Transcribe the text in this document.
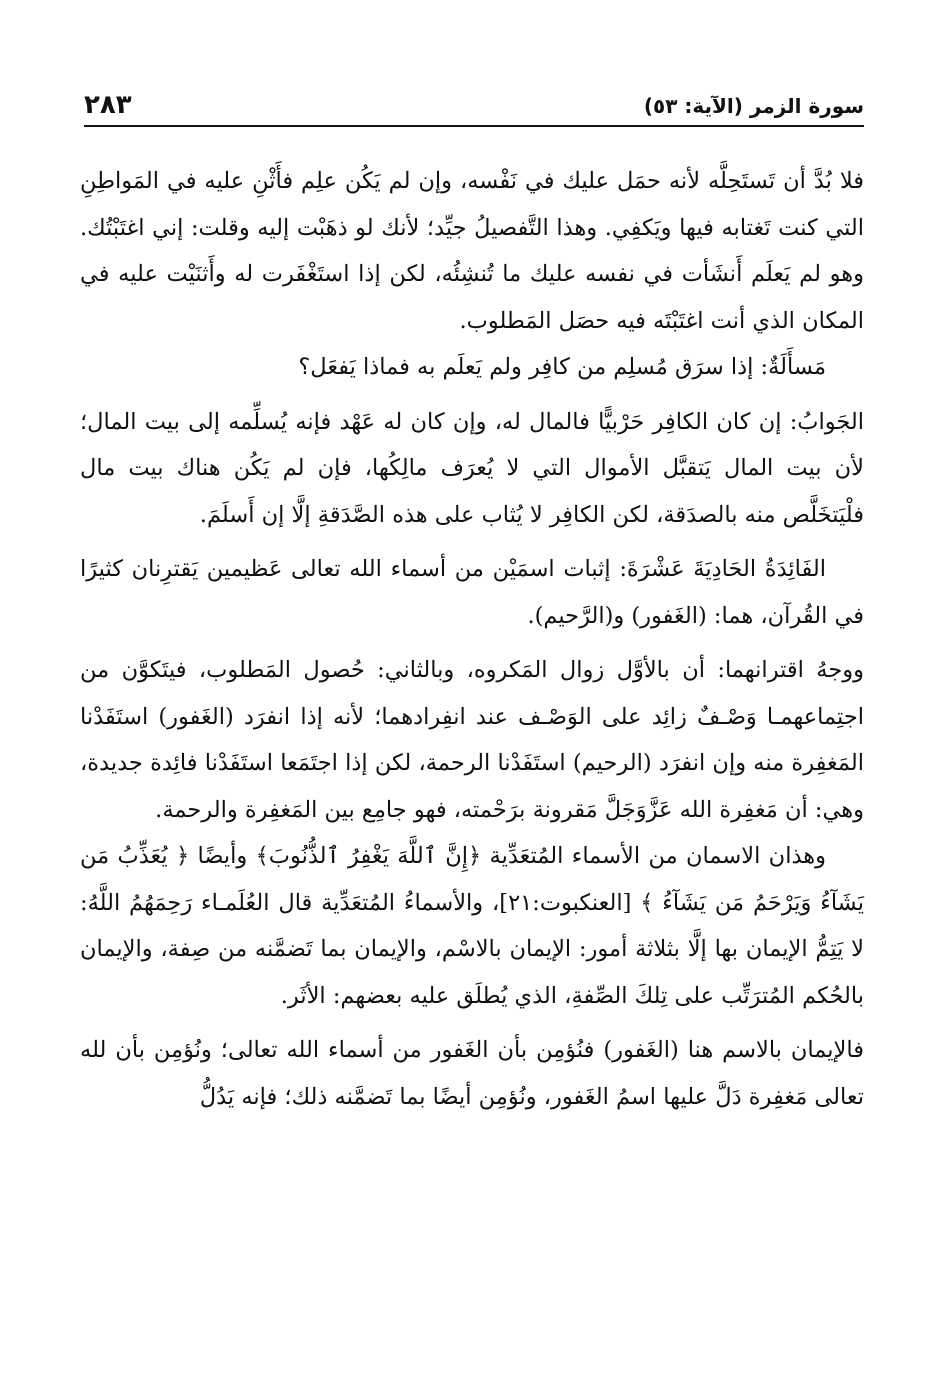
سورة الزمر (الآية: ٥٣)
٢٨٣

فلا بُدَّ أن تَستَحِلَّه لأنه حمَل عليك في نَفْسه، وإن لم يَكُن علِم فأَثْنِ عليه في المَواطِنِ التي كنت تَغتابه فيها ويَكفِي. وهذا التَّفصيلُ جيِّد؛ لأنك لو ذهَبْت إليه وقلت: إني اغتَبْتُك. وهو لم يَعلَم أَنشَأت في نفسه عليك ما تُنشِئُه، لكن إذا استَغْفَرت له وأَثنَيْت عليه في المكان الذي أنت اغتَبْتَه فيه حصَل المَطلوب.

مَسأَلَةٌ: إذا سرَق مُسلِم من كافِر ولم يَعلَم به فماذا يَفعَل؟

الجَوابُ: إن كان الكافِر حَرْبيًّا فالمال له، وإن كان له عَهْد فإنه يُسلِّمه إلى بيت المال؛ لأن بيت المال يَتقبَّل الأموال التي لا يُعرَف مالِكُها، فإن لم يَكُن هناك بيت مال فلْيَتخَلَّص منه بالصدَقة، لكن الكافِر لا يُثاب على هذه الصَّدَقةِ إلَّا إن أَسلَمَ.

الفَائِدَةُ الحَادِيَةَ عَشْرَةَ: إثبات اسمَيْن من أسماء الله تعالى عَظيمين يَقترِنان كثيرًا في القُرآن، هما: (الغَفور) و(الرَّحيم).

ووجهُ اقترانهما: أن بالأوَّل زوال المَكروه، وبالثاني: حُصول المَطلوب، فيتَكوَّن من اجتِماعهمـا وَصْـفٌ زائِد على الوَصْـف عند انفِرادهما؛ لأنه إذا انفرَد (الغَفور) استَفَدْنا المَغفِرة منه وإن انفرَد (الرحيم) استَفَدْنا الرحمة، لكن إذا اجتَمَعا استَفَدْنا فائِدة جديدة، وهي: أن مَغفِرة الله عَزَّوَجَلَّ مَقرونة برَحْمته، فهو جامِع بين المَغفِرة والرحمة.

وهذان الاسمان من الأسماء المُتعَدِّية ﴿إِنَّ ٱللَّهَ يَغْفِرُ ٱلذُّنُوبَ﴾ وأيضًا ﴿ يُعَذِّبُ مَن يَشَآءُ وَيَرْحَمُ مَن يَشَآءُ ﴾ [العنكبوت:٢١]، والأسماءُ المُتعَدِّية قال العُلَمـاء رَحِمَهُمُ اللَّهُ: لا يَتِمُّ الإيمان بها إلَّا بثلاثة أمور: الإيمان بالاسْم، والإيمان بما تَضمَّنه من صِفة، والإيمان بالحُكم المُترَتِّب على تِلكَ الصِّفةِ، الذي يُطلَق عليه بعضهم: الأثَر.

فالإيمان بالاسم هنا (الغَفور) فنُؤمِن بأن الغَفور من أسماء الله تعالى؛ ونُؤمِن بأن لله تعالى مَغفِرة دَلَّ عليها اسمُ الغَفور، ونُؤمِن أيضًا بما تَضمَّنه ذلك؛ فإنه يَدُلُّ
